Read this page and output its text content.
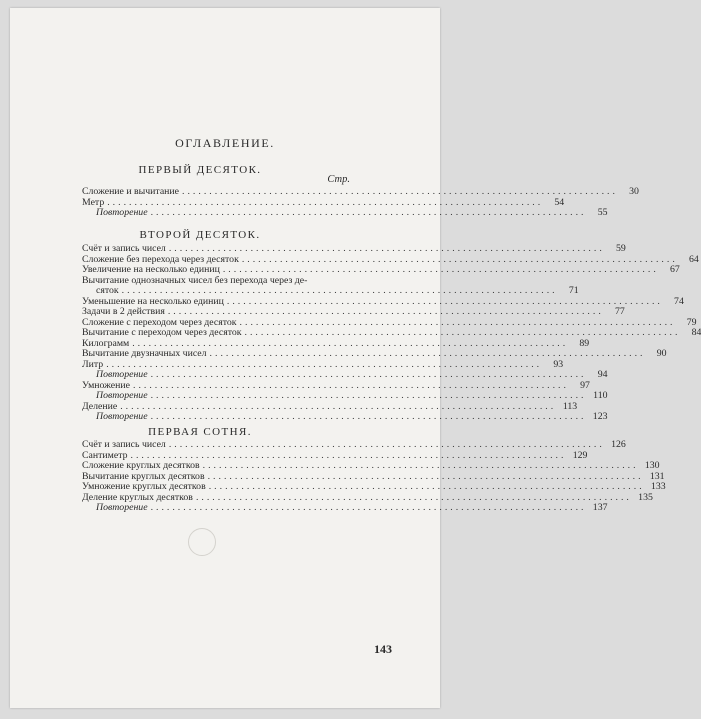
ОГЛАВЛЕНИЕ.
ПЕРВЫЙ ДЕСЯТОК.
Стр.
Сложение и вычитание ................................................................................	30
Метр ................................................................................	54
Повторение ................................................................................	55
ВТОРОЙ ДЕСЯТОК.
Счёт и запись чисел ................................................................................	59
Сложение без перехода через десяток ................................................................................	64
Увеличение на несколько единиц ................................................................................	67
Вычитание однозначных чисел без перехода через де-
сяток ................................................................................	71
Уменьшение на несколько единиц ................................................................................	74
Задачи в 2 действия ................................................................................	77
Сложение с переходом через десяток ................................................................................	79
Вычитание с переходом через десяток ................................................................................	84
Килограмм ................................................................................	89
Вычитание двузначных чисел ................................................................................	90
Литр ................................................................................	93
Повторение ................................................................................	94
Умножение ................................................................................	97
Повторение ................................................................................ 110
Деление ................................................................................ 113
Повторение ................................................................................ 123
ПЕРВАЯ СОТНЯ.
Счёт и запись чисел ................................................................................ 126
Сантиметр ................................................................................ 129
Сложение круглых десятков ................................................................................ 130
Вычитание круглых десятков ................................................................................ 131
Умножение круглых десятков ................................................................................ 133
Деление круглых десятков ................................................................................ 135
Повторение ................................................................................ 137
143
